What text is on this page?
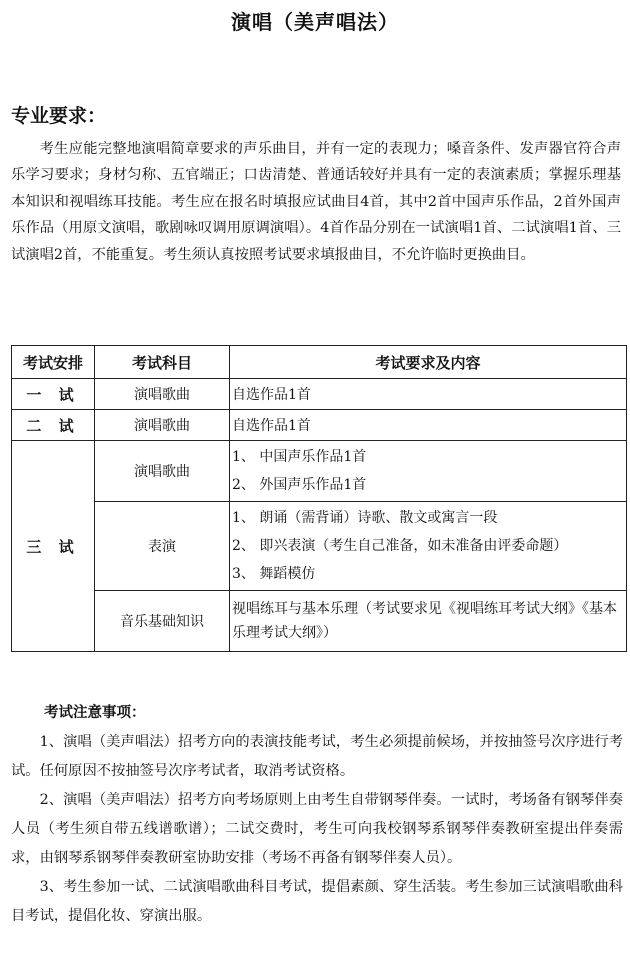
演唱（美声唱法）
专业要求：

考生应能完整地演唱简章要求的声乐曲目，并有一定的表现力；嗓音条件、发声器官符合声乐学习要求；身材匀称、五官端正；口齿清楚、普通话较好并具有一定的表演素质；掌握乐理基本知识和视唱练耳技能。考生应在报名时填报应试曲目4首，其中2首中国声乐作品，2首外国声乐作品（用原文演唱，歌剧咏叹调用原调演唱）。4首作品分别在一试演唱1首、二试演唱1首、三试演唱2首，不能重复。考生须认真按照考试要求填报曲目，不允许临时更换曲目。

考试安排	考试科目	考试要求及内容
一 试	演唱歌曲	自选作品1首
二 试	演唱歌曲	自选作品1首
三 试	演唱歌曲	1、 中国声乐作品1首
2、 外国声乐作品1首

	表演	1、 朗诵（需背诵）诗歌、散文或寓言一段
2、 即兴表演（考生自己准备，如未准备由评委命题）
3、 舞蹈模仿

	音乐基础知识	视唱练耳与基本乐理（考试要求见《视唱练耳考试大纲》《基本乐理考试大纲》）
考试注意事项：

1、演唱（美声唱法）招考方向的表演技能考试，考生必须提前候场，并按抽签号次序进行考试。任何原因不按抽签号次序考试者，取消考试资格。

2、演唱（美声唱法）招考方向考场原则上由考生自带钢琴伴奏。一试时，考场备有钢琴伴奏人员（考生须自带五线谱歌谱）；二试交费时，考生可向我校钢琴系钢琴伴奏教研室提出伴奏需求，由钢琴系钢琴伴奏教研室协助安排（考场不再备有钢琴伴奏人员）。

3、考生参加一试、二试演唱歌曲科目考试，提倡素颜、穿生活装。考生参加三试演唱歌曲科目考试，提倡化妆、穿演出服。
